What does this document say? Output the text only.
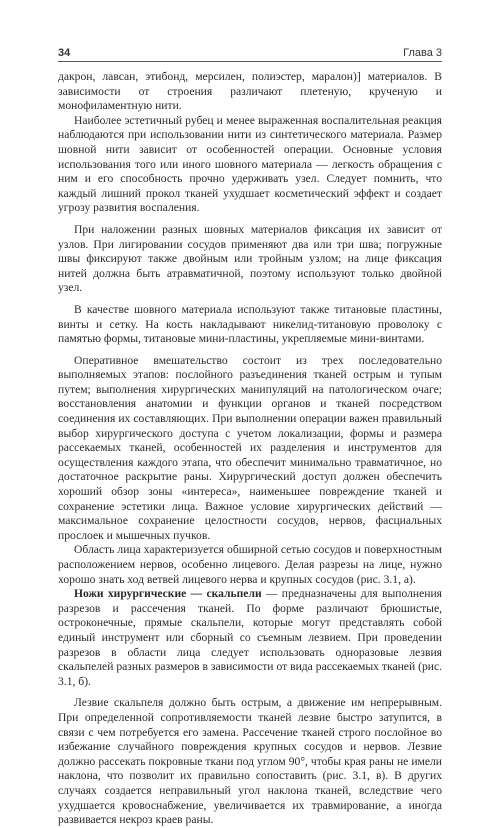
34	Глава 3

дакрон, лавсан, этибонд, мерсилен, полиэстер, маралон)] материалов. В зависимости от строения различают плетеную, крученую и монофиламентную нити.

Наиболее эстетичный рубец и менее выраженная воспалительная реакция наблюдаются при использовании нити из синтетического материала. Размер шовной нити зависит от особенностей операции. Основные условия использования того или иного шовного материала — легкость обращения с ним и его способность прочно удерживать узел. Следует помнить, что каждый лишний прокол тканей ухудшает косметический эффект и создает угрозу развития воспаления.

При наложении разных шовных материалов фиксация их зависит от узлов. При лигировании сосудов применяют два или три шва; погружные швы фиксируют также двойным или тройным узлом; на лице фиксация нитей должна быть атравматичной, поэтому используют только двойной узел.

В качестве шовного материала используют также титановые пластины, винты и сетку. На кость накладывают никелид-титановую проволоку с памятью формы, титановые мини-пластины, укрепляемые мини-винтами.

Оперативное вмешательство состоит из трех последовательно выполняемых этапов: послойного разъединения тканей острым и тупым путем; выполнения хирургических манипуляций на патологическом очаге; восстановления анатомии и функции органов и тканей посредством соединения их составляющих. При выполнении операции важен правильный выбор хирургического доступа с учетом локализации, формы и размера рассекаемых тканей, особенностей их разделения и инструментов для осуществления каждого этапа, что обеспечит минимально травматичное, но достаточное раскрытие раны. Хирургический доступ должен обеспечить хороший обзор зоны «интереса», наименьшее повреждение тканей и сохранение эстетики лица. Важное условие хирургических действий — максимальное сохранение целостности сосудов, нервов, фасциальных прослоек и мышечных пучков.

Область лица характеризуется обширной сетью сосудов и поверхностным расположением нервов, особенно лицевого. Делая разрезы на лице, нужно хорошо знать ход ветвей лицевого нерва и крупных сосудов (рис. 3.1, а).

Ножи хирургические — скальпели — предназначены для выполнения разрезов и рассечения тканей. По форме различают брюшистые, остроконечные, прямые скальпели, которые могут представлять собой единый инструмент или сборный со съемным лезвием. При проведении разрезов в области лица следует использовать одноразовые лезвия скальпелей разных размеров в зависимости от вида рассекаемых тканей (рис. 3.1, б).

Лезвие скальпеля должно быть острым, а движение им непрерывным. При определенной сопротивляемости тканей лезвие быстро затупится, в связи с чем потребуется его замена. Рассечение тканей строго послойное во избежание случайного повреждения крупных сосудов и нервов. Лезвие должно рассекать покровные ткани под углом 90°, чтобы края раны не имели наклона, что позволит их правильно сопоставить (рис. 3.1, в). В других случаях создается неправильный угол наклона тканей, вследствие чего ухудшается кровоснабжение, увеличивается их травмирование, а иногда развивается некроз краев раны.
